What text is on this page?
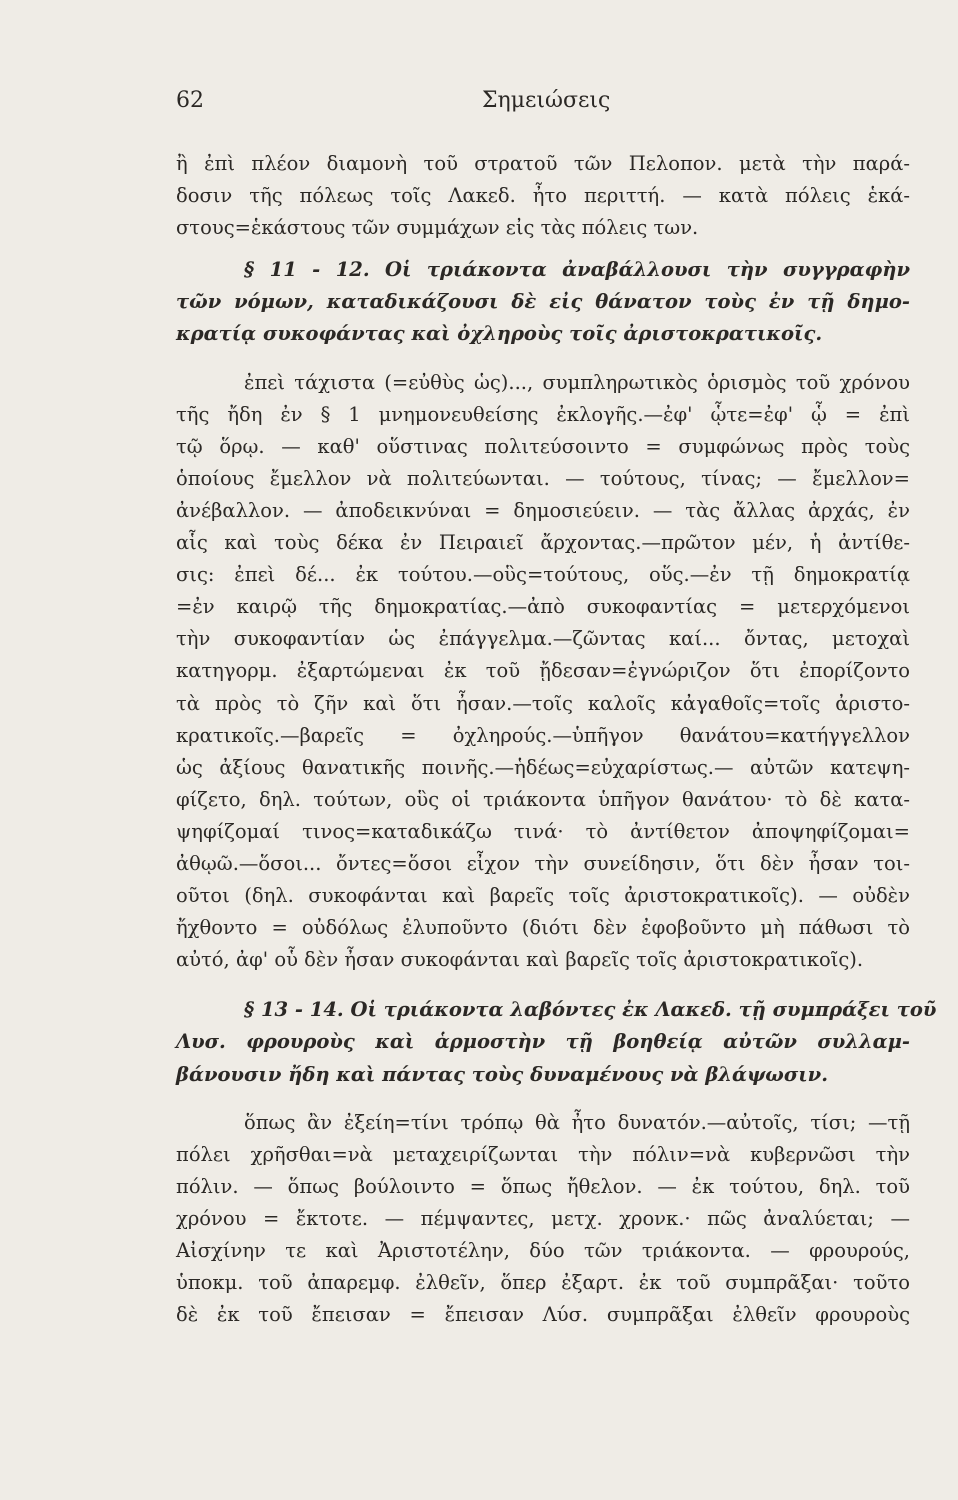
62	Σημειώσεις
ἢ ἐπὶ πλέον διαμονὴ τοῦ στρατοῦ τῶν Πελοπον. μετὰ τὴν παρά-
δοσιν τῆς πόλεως τοῖς Λακεδ. ἦτο περιττή. — κατὰ πόλεις ἑκά-
στους=ἑκάστους τῶν συμμάχων εἰς τὰς πόλεις των.
§ 11 - 12. Οἱ τριάκοντα ἀναβάλλουσι τὴν συγγραφὴν
τῶν νόμων, καταδικάζουσι δὲ εἰς θάνατον τοὺς ἐν τῇ δημο-
κρατίᾳ συκοφάντας καὶ ὀχληροὺς τοῖς ἀριστοκρατικοῖς.
ἐπεὶ τάχιστα (=εὐθὺς ὡς)..., συμπληρωτικὸς ὁρισμὸς τοῦ χρόνου
τῆς ἤδη ἐν § 1 μνημονευθείσης ἐκλογῆς.—ἐφ' ᾧτε=ἐφ' ᾧ = ἐπὶ
τῷ ὅρῳ. — καθ' οὕστινας πολιτεύσοιντο = συμφώνως πρὸς τοὺς
ὁποίους ἔμελλον νὰ πολιτεύωνται. — τούτους, τίνας; — ἔμελλον=
ἀνέβαλλον. — ἀποδεικνύναι = δημοσιεύειν. — τὰς ἄλλας ἀρχάς, ἐν
αἷς καὶ τοὺς δέκα ἐν Πειραιεῖ ἄρχοντας.—πρῶτον μέν, ἡ ἀντίθε-
σις: ἐπεὶ δέ... ἐκ τούτου.—οὓς=τούτους, οὕς.—ἐν τῇ δημοκρατίᾳ
=ἐν καιρῷ τῆς δημοκρατίας.—ἀπὸ συκοφαντίας = μετερχόμενοι
τὴν συκοφαντίαν ὡς ἐπάγγελμα.—ζῶντας καί... ὄντας, μετοχαὶ
κατηγορμ. ἐξαρτώμεναι ἐκ τοῦ ᾔδεσαν=ἐγνώριζον ὅτι ἐπορίζοντο
τὰ πρὸς τὸ ζῆν καὶ ὅτι ἦσαν.—τοῖς καλοῖς κἀγαθοῖς=τοῖς ἀριστο-
κρατικοῖς.—βαρεῖς = ὀχληρούς.—ὑπῆγον θανάτου=κατήγγελλον
ὡς ἀξίους θανατικῆς ποινῆς.—ἡδέως=εὐχαρίστως.— αὐτῶν κατεψη-
φίζετο, δηλ. τούτων, οὓς οἱ τριάκοντα ὑπῆγον θανάτου· τὸ δὲ κατα-
ψηφίζομαί τινος=καταδικάζω τινά· τὸ ἀντίθετον ἀποψηφίζομαι=
ἀθῳῶ.—ὅσοι... ὄντες=ὅσοι εἶχον τὴν συνείδησιν, ὅτι δὲν ἦσαν τοι-
οῦτοι (δηλ. συκοφάνται καὶ βαρεῖς τοῖς ἀριστοκρατικοῖς). — οὐδὲν
ἤχθοντο = οὐδόλως ἐλυποῦντο (διότι δὲν ἐφοβοῦντο μὴ πάθωσι τὸ
αὐτό, ἀφ' οὗ δὲν ἦσαν συκοφάνται καὶ βαρεῖς τοῖς ἀριστοκρατικοῖς).
§ 13 - 14. Οἱ τριάκοντα λαβόντες ἐκ Λακεδ. τῇ συμπράξει τοῦ
Λυσ. φρουροὺς καὶ ἁρμοστὴν τῇ βοηθείᾳ αὐτῶν συλλαμ-
βάνουσιν ἤδη καὶ πάντας τοὺς δυναμένους νὰ βλάψωσιν.
ὅπως ἂν ἐξείη=τίνι τρόπῳ θὰ ἦτο δυνατόν.—αὐτοῖς, τίσι; —τῇ
πόλει χρῆσθαι=νὰ μεταχειρίζωνται τὴν πόλιν=νὰ κυβερνῶσι τὴν
πόλιν. — ὅπως βούλοιντο = ὅπως ἤθελον. — ἐκ τούτου, δηλ. τοῦ
χρόνου = ἔκτοτε. — πέμψαντες, μετχ. χρονκ.· πῶς ἀναλύεται; —
Αἰσχίνην τε καὶ Ἀριστοτέλην, δύο τῶν τριάκοντα. — φρουρούς,
ὑποκμ. τοῦ ἀπαρεμφ. ἐλθεῖν, ὅπερ ἐξαρτ. ἐκ τοῦ συμπρᾶξαι· τοῦτο
δὲ ἐκ τοῦ ἔπεισαν = ἔπεισαν Λύσ. συμπρᾶξαι ἐλθεῖν φρουροὺς
